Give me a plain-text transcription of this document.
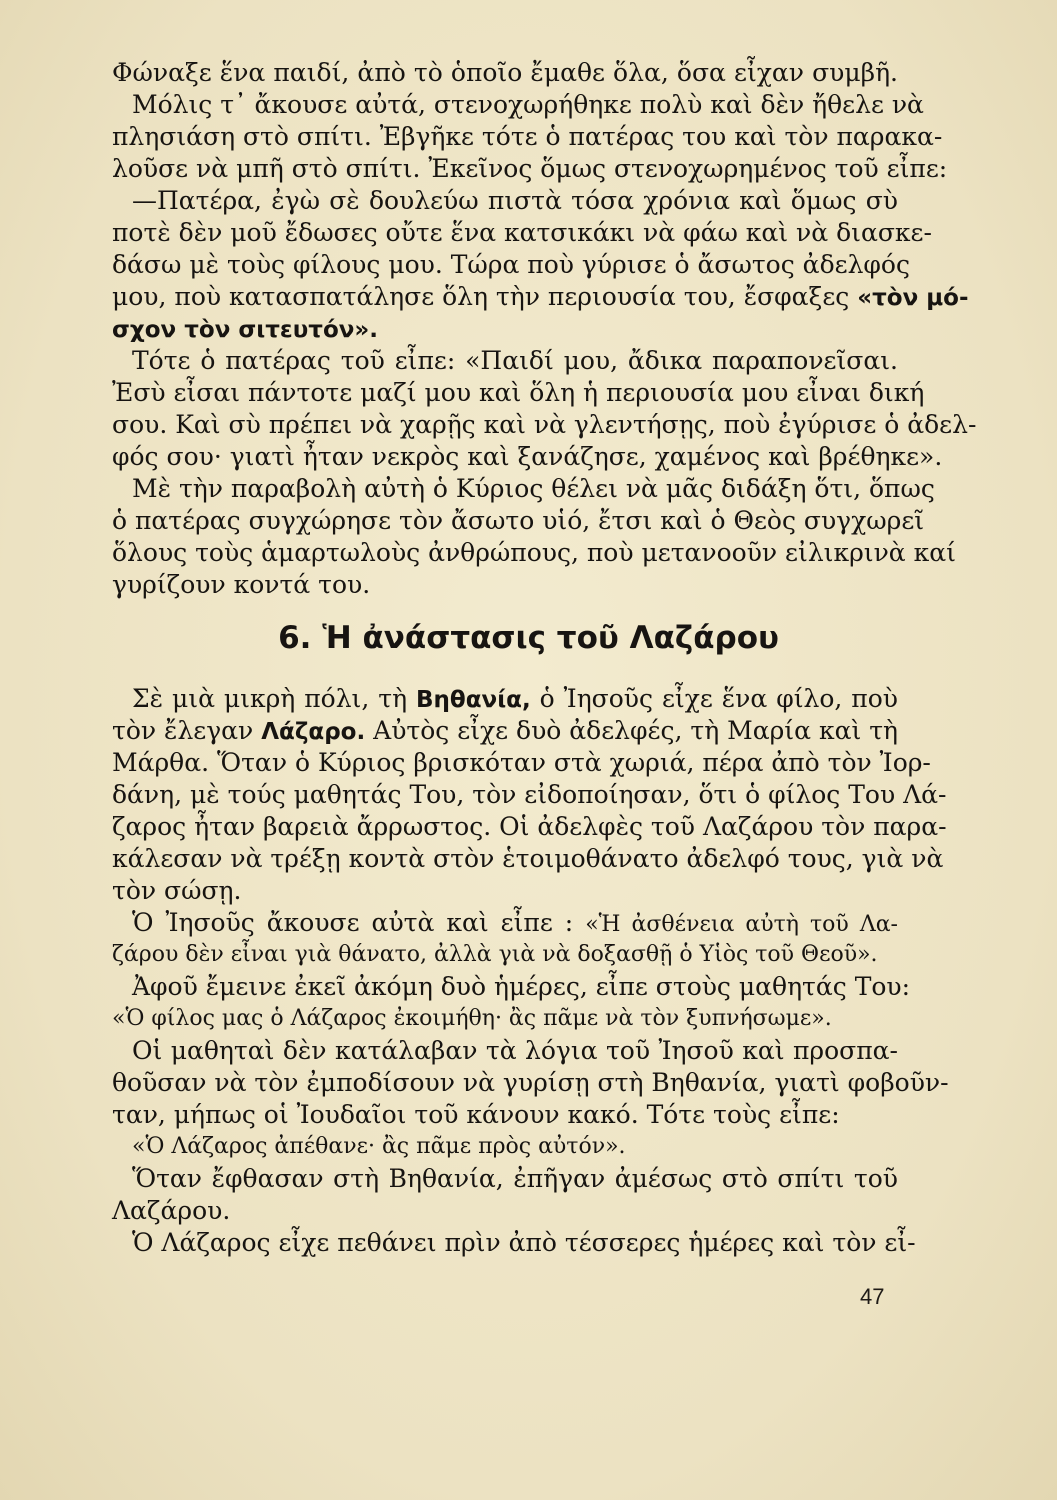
Φώναξε ἕνα παιδί, ἀπὸ τὸ ὁποῖο ἔμαθε ὅλα, ὅσα εἶχαν συμβῆ.
Μόλις τ᾿ ἄκουσε αὐτά, στενοχωρήθηκε πολὺ καὶ δὲν ἤθελε νὰ
πλησιάση στὸ σπίτι. Ἐβγῆκε τότε ὁ πατέρας του καὶ τὸν παρακα-
λοῦσε νὰ μπῆ στὸ σπίτι. Ἐκεῖνος ὅμως στενοχωρημένος τοῦ εἶπε:
—Πατέρα, ἐγὼ σὲ δουλεύω πιστὰ τόσα χρόνια καὶ ὅμως σὺ
ποτὲ δὲν μοῦ ἔδωσες οὔτε ἕνα κατσικάκι νὰ φάω καὶ νὰ διασκε-
δάσω μὲ τοὺς φίλους μου. Τώρα ποὺ γύρισε ὁ ἄσωτος ἀδελφός
μου, ποὺ κατασπατάλησε ὅλη τὴν περιουσία του, ἔσφαξες «τὸν μό-
σχον τὸν σιτευτόν».
Τότε ὁ πατέρας τοῦ εἶπε: «Παιδί μου, ἄδικα παραπονεῖσαι.
Ἐσὺ εἶσαι πάντοτε μαζί μου καὶ ὅλη ἡ περιουσία μου εἶναι δική
σου. Καὶ σὺ πρέπει νὰ χαρῇς καὶ νὰ γλεντήσῃς, ποὺ ἐγύρισε ὁ ἀδελ-
φός σου· γιατὶ ἦταν νεκρὸς καὶ ξανάζησε, χαμένος καὶ βρέθηκε».
Μὲ τὴν παραβολὴ αὐτὴ ὁ Κύριος θέλει νὰ μᾶς διδάξη ὅτι, ὅπως
ὁ πατέρας συγχώρησε τὸν ἄσωτο υἱό, ἔτσι καὶ ὁ Θεὸς συγχωρεῖ
ὅλους τοὺς ἁμαρτωλοὺς ἀνθρώπους, ποὺ μετανοοῦν εἰλικρινὰ καί
γυρίζουν κοντά του.
6. Ἡ ἀνάστασις τοῦ Λαζάρου
Σὲ μιὰ μικρὴ πόλι, τὴ Βηθανία, ὁ Ἰησοῦς εἶχε ἕνα φίλο, ποὺ
τὸν ἔλεγαν Λάζαρο. Αὐτὸς εἶχε δυὸ ἀδελφές, τὴ Μαρία καὶ τὴ
Μάρθα. Ὅταν ὁ Κύριος βρισκόταν στὰ χωριά, πέρα ἀπὸ τὸν Ἰορ-
δάνη, μὲ τούς μαθητάς Του, τὸν εἰδοποίησαν, ὅτι ὁ φίλος Του Λά-
ζαρος ἦταν βαρειὰ ἄρρωστος. Οἱ ἀδελφὲς τοῦ Λαζάρου τὸν παρα-
κάλεσαν νὰ τρέξῃ κοντὰ στὸν ἑτοιμοθάνατο ἀδελφό τους, γιὰ νὰ
τὸν σώσῃ.
Ὁ Ἰησοῦς ἄκουσε αὐτὰ καὶ εἶπε : «Ἡ ἀσθένεια αὐτὴ τοῦ Λα-
ζάρου δὲν εἶναι γιὰ θάνατο, ἀλλὰ γιὰ νὰ δοξασθῇ ὁ Υἱὸς τοῦ Θεοῦ».
Ἀφοῦ ἔμεινε ἐκεῖ ἀκόμη δυὸ ἡμέρες, εἶπε στοὺς μαθητάς Του:
«Ὁ φίλος μας ὁ Λάζαρος ἐκοιμήθη· ἂς πᾶμε νὰ τὸν ξυπνήσωμε».
Οἱ μαθηταὶ δὲν κατάλαβαν τὰ λόγια τοῦ Ἰησοῦ καὶ προσπα-
θοῦσαν νὰ τὸν ἐμποδίσουν νὰ γυρίσῃ στὴ Βηθανία, γιατὶ φοβοῦν-
ταν, μήπως οἱ Ἰουδαῖοι τοῦ κάνουν κακό. Τότε τοὺς εἶπε:
«Ὁ Λάζαρος ἀπέθανε· ἂς πᾶμε πρὸς αὐτόν».
Ὅταν ἔφθασαν στὴ Βηθανία, ἐπῆγαν ἀμέσως στὸ σπίτι τοῦ
Λαζάρου.
Ὁ Λάζαρος εἶχε πεθάνει πρὶν ἀπὸ τέσσερες ἡμέρες καὶ τὸν εἶ-
47
